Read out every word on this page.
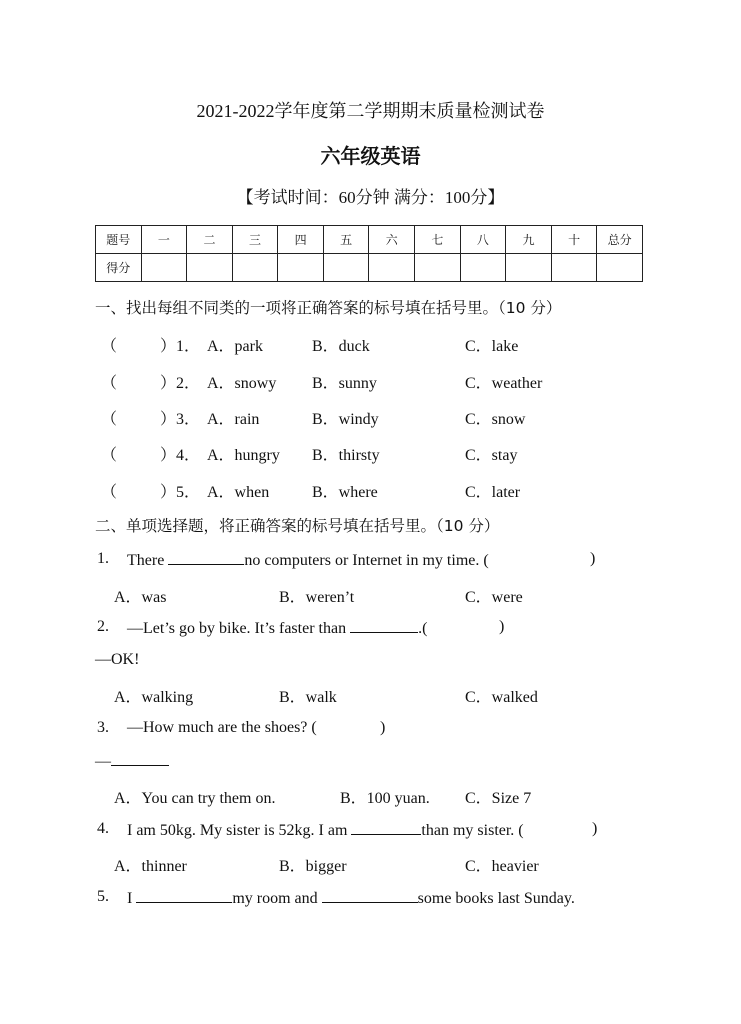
2021-2022学年度第二学期期末质量检测试卷
六年级英语
【考试时间：60分钟 满分：100分】
题号	一	二	三	四	五	六	七	八	九	十	总分
得分											
一、找出每组不同类的一项将正确答案的标号填在括号里。（10 分）
（	）1． A．park	B．duck	C．lake
（	）2． A．snowy B．sunny	C．weather
（	）3． A．rain	B．windy	C．snow
（	）4． A．hungry B．thirsty	C．stay
（	）5． A．when	B．where	C．later
二、单项选择题，将正确答案的标号填在括号里。（10 分）
1. There	no computers or Internet in my time. (	)
A．was	B．weren’t	C．were
2. —Let’s go by bike. It’s faster than	.(	)
—OK!
A．walking	B．walk	C．walked
3. —How much are the shoes? (	)
—
A．You can try them on.	B．100 yuan. C．Size 7
4. I am 50kg. My sister is 52kg. I am	than my sister. (	)
A．thinner	B．bigger	C．heavier
5. I	my room and	some books last Sunday.
